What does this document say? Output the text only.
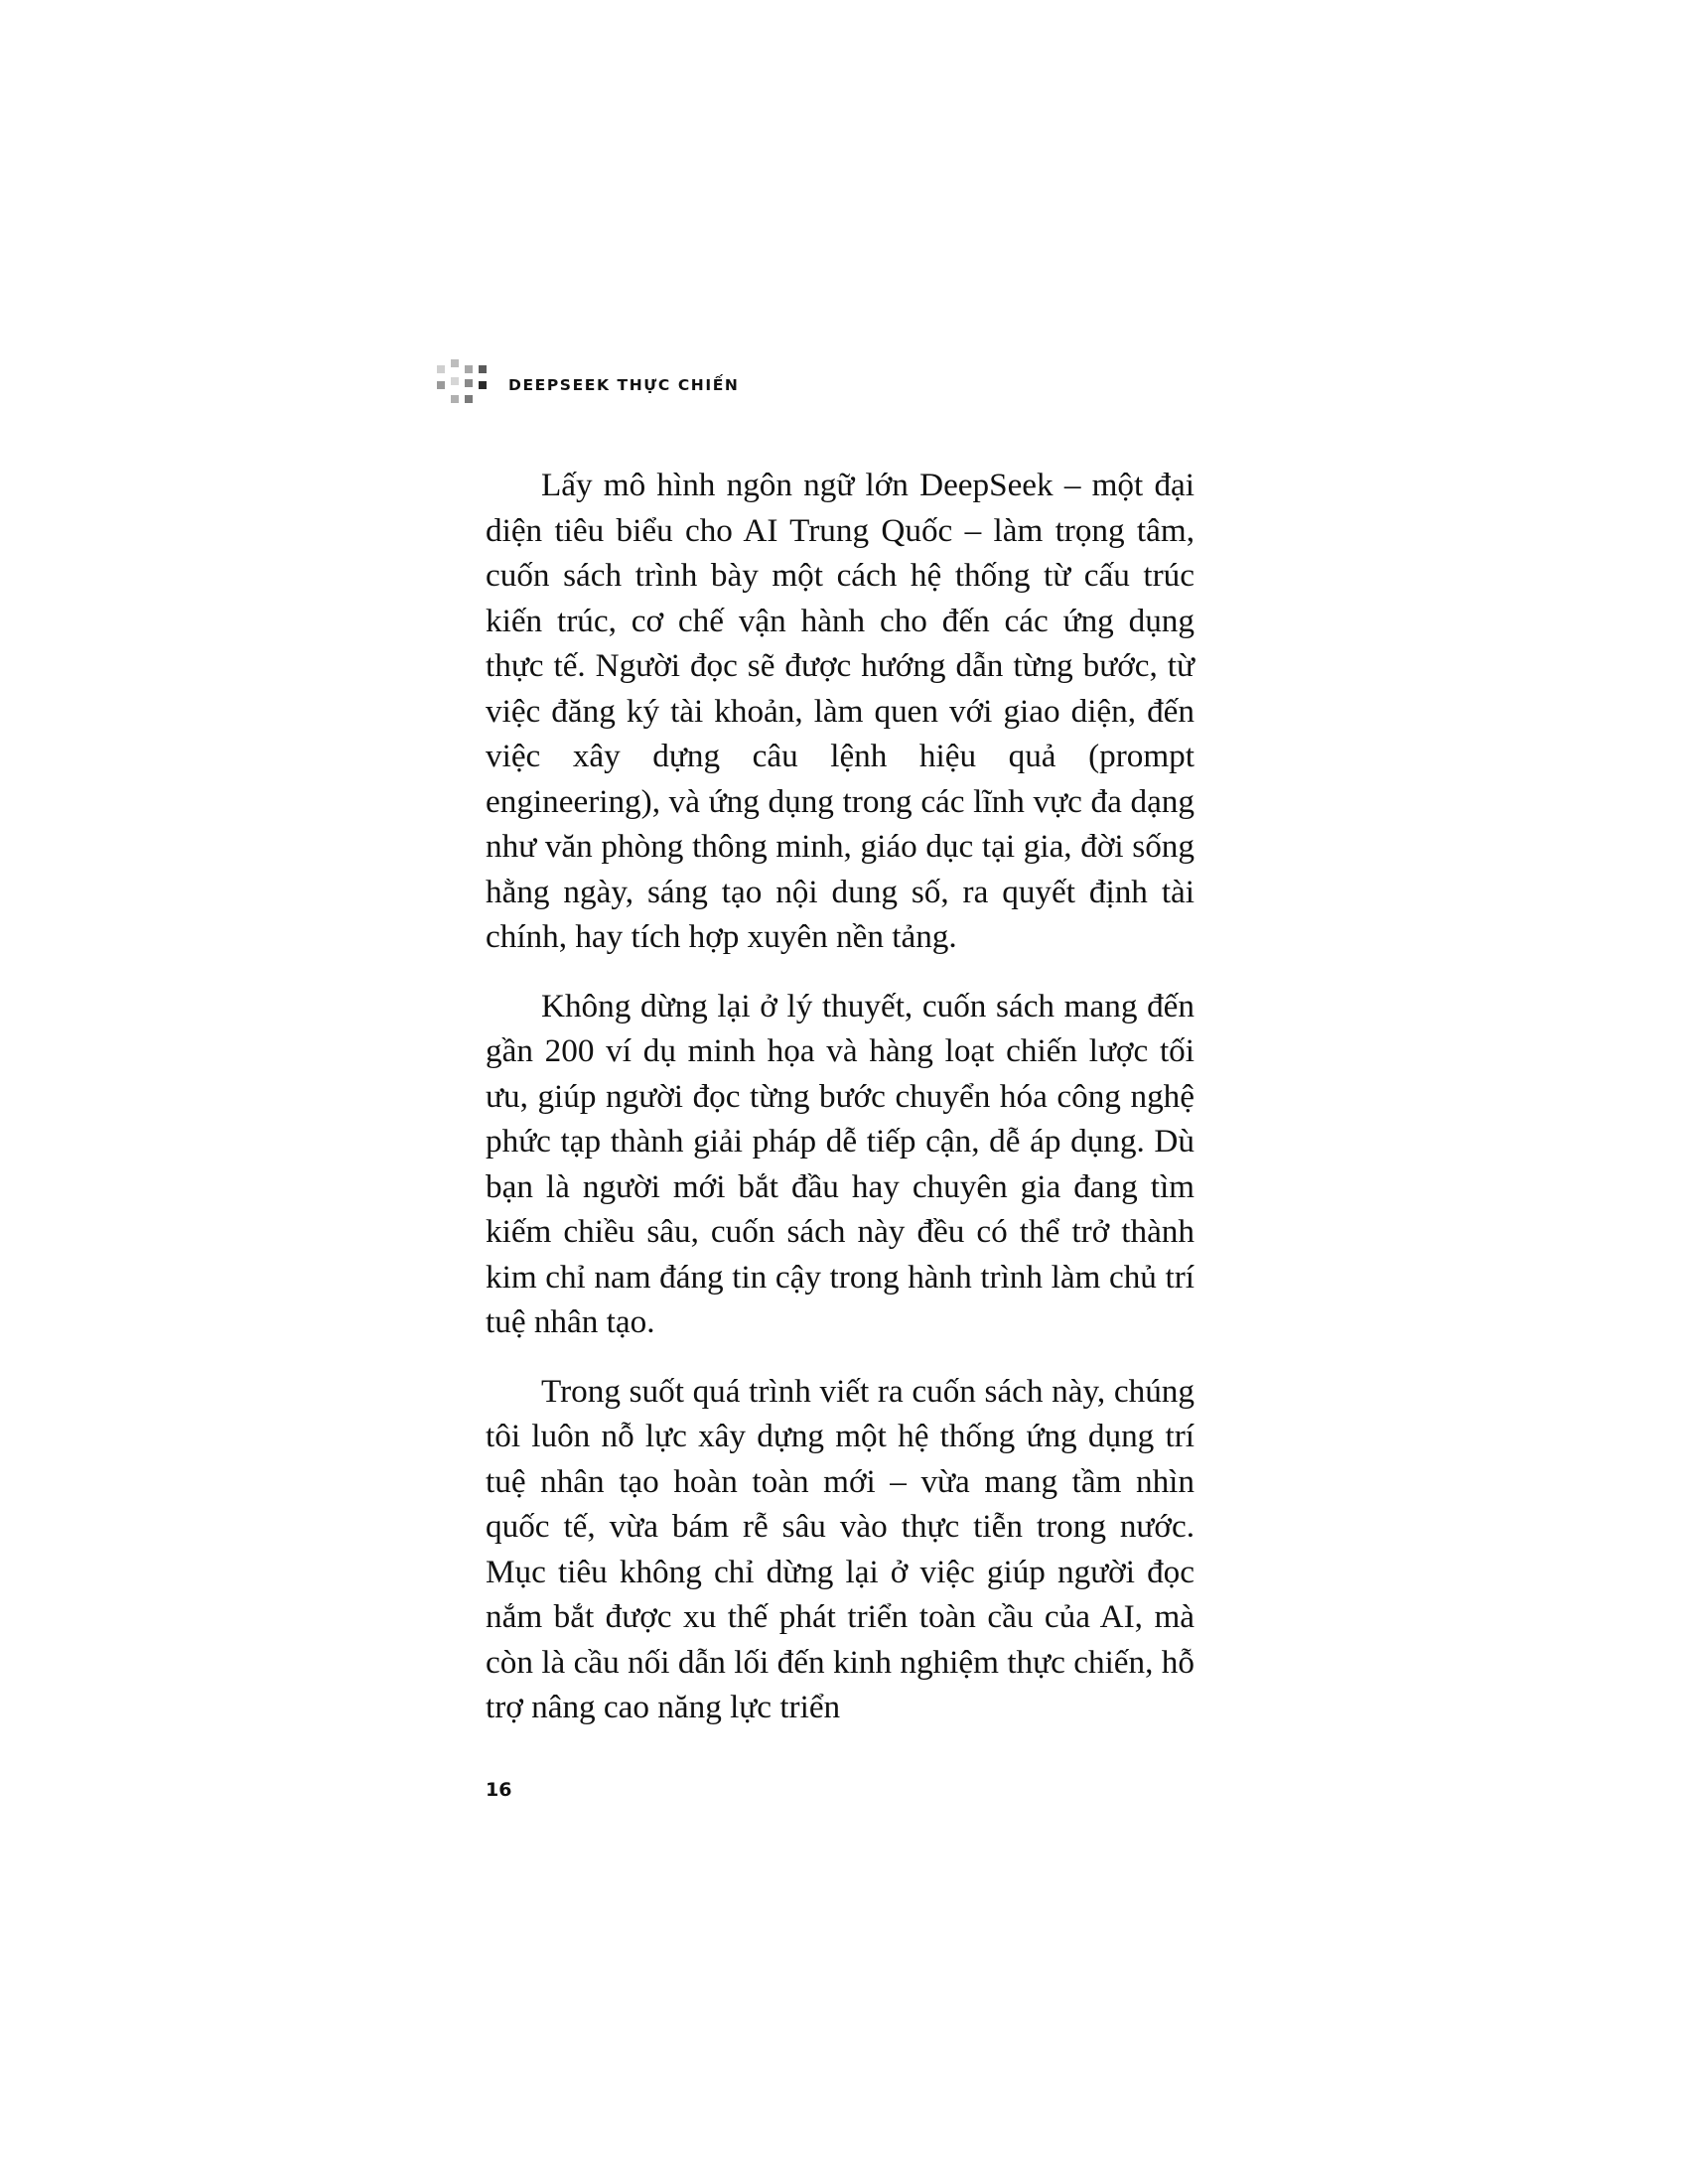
DEEPSEEK THỰC CHIẾN

Lấy mô hình ngôn ngữ lớn DeepSeek – một đại diện tiêu biểu cho AI Trung Quốc – làm trọng tâm, cuốn sách trình bày một cách hệ thống từ cấu trúc kiến trúc, cơ chế vận hành cho đến các ứng dụng thực tế. Người đọc sẽ được hướng dẫn từng bước, từ việc đăng ký tài khoản, làm quen với giao diện, đến việc xây dựng câu lệnh hiệu quả (prompt engineering), và ứng dụng trong các lĩnh vực đa dạng như văn phòng thông minh, giáo dục tại gia, đời sống hằng ngày, sáng tạo nội dung số, ra quyết định tài chính, hay tích hợp xuyên nền tảng.

Không dừng lại ở lý thuyết, cuốn sách mang đến gần 200 ví dụ minh họa và hàng loạt chiến lược tối ưu, giúp người đọc từng bước chuyển hóa công nghệ phức tạp thành giải pháp dễ tiếp cận, dễ áp dụng. Dù bạn là người mới bắt đầu hay chuyên gia đang tìm kiếm chiều sâu, cuốn sách này đều có thể trở thành kim chỉ nam đáng tin cậy trong hành trình làm chủ trí tuệ nhân tạo.

Trong suốt quá trình viết ra cuốn sách này, chúng tôi luôn nỗ lực xây dựng một hệ thống ứng dụng trí tuệ nhân tạo hoàn toàn mới – vừa mang tầm nhìn quốc tế, vừa bám rễ sâu vào thực tiễn trong nước. Mục tiêu không chỉ dừng lại ở việc giúp người đọc nắm bắt được xu thế phát triển toàn cầu của AI, mà còn là cầu nối dẫn lối đến kinh nghiệm thực chiến, hỗ trợ nâng cao năng lực triển

16
